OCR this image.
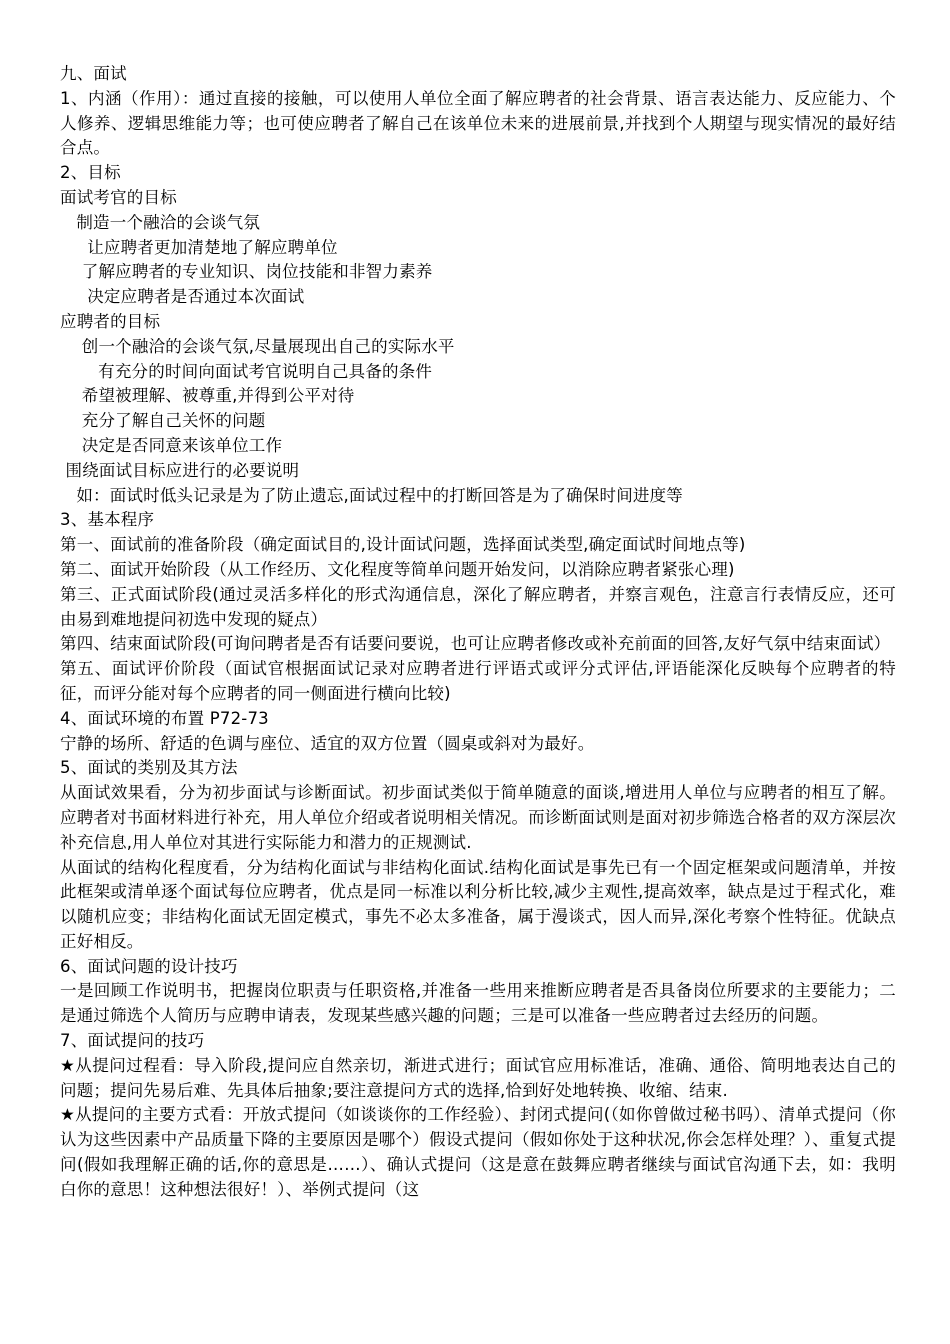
九、面试

1、内涵（作用）：通过直接的接触，可以使用人单位全面了解应聘者的社会背景、语言表达能力、反应能力、个人修养、逻辑思维能力等；也可使应聘者了解自己在该单位未来的进展前景,并找到个人期望与现实情况的最好结合点。

2、目标

面试考官的目标

制造一个融洽的会谈气氛

让应聘者更加清楚地了解应聘单位

了解应聘者的专业知识、岗位技能和非智力素养

决定应聘者是否通过本次面试

应聘者的目标

创一个融洽的会谈气氛,尽量展现出自己的实际水平

有充分的时间向面试考官说明自己具备的条件

希望被理解、被尊重,并得到公平对待

充分了解自己关怀的问题

决定是否同意来该单位工作

围绕面试目标应进行的必要说明

如：面试时低头记录是为了防止遗忘,面试过程中的打断回答是为了确保时间进度等

3、基本程序

第一、面试前的准备阶段（确定面试目的,设计面试问题，选择面试类型,确定面试时间地点等)

第二、面试开始阶段（从工作经历、文化程度等简单问题开始发问，以消除应聘者紧张心理)

第三、正式面试阶段(通过灵活多样化的形式沟通信息，深化了解应聘者，并察言观色，注意言行表情反应，还可由易到难地提问初选中发现的疑点）

第四、结束面试阶段(可询问聘者是否有话要问要说，也可让应聘者修改或补充前面的回答,友好气氛中结束面试）

第五、面试评价阶段（面试官根据面试记录对应聘者进行评语式或评分式评估,评语能深化反映每个应聘者的特征，而评分能对每个应聘者的同一侧面进行横向比较)

4、面试环境的布置 P72-73

宁静的场所、舒适的色调与座位、适宜的双方位置（圆桌或斜对为最好。

5、面试的类别及其方法

从面试效果看，分为初步面试与诊断面试。初步面试类似于简单随意的面谈,增进用人单位与应聘者的相互了解。应聘者对书面材料进行补充，用人单位介绍或者说明相关情况。而诊断面试则是面对初步筛选合格者的双方深层次补充信息,用人单位对其进行实际能力和潜力的正规测试.

从面试的结构化程度看，分为结构化面试与非结构化面试.结构化面试是事先已有一个固定框架或问题清单，并按此框架或清单逐个面试每位应聘者，优点是同一标准以利分析比较,减少主观性,提高效率，缺点是过于程式化，难以随机应变；非结构化面试无固定模式，事先不必太多准备，属于漫谈式，因人而异,深化考察个性特征。优缺点正好相反。

6、面试问题的设计技巧

一是回顾工作说明书，把握岗位职责与任职资格,并准备一些用来推断应聘者是否具备岗位所要求的主要能力；二是通过筛选个人简历与应聘申请表，发现某些感兴趣的问题；三是可以准备一些应聘者过去经历的问题。

7、面试提问的技巧

★从提问过程看：导入阶段,提问应自然亲切，渐进式进行；面试官应用标准话，准确、通俗、简明地表达自己的问题；提问先易后难、先具体后抽象;要注意提问方式的选择,恰到好处地转换、收缩、结束.

★从提问的主要方式看：开放式提问（如谈谈你的工作经验）、封闭式提问(（如你曾做过秘书吗）、清单式提问（你认为这些因素中产品质量下降的主要原因是哪个）假设式提问（假如你处于这种状况,你会怎样处理？）、重复式提问(假如我理解正确的话,你的意思是……）、确认式提问（这是意在鼓舞应聘者继续与面试官沟通下去，如：我明白你的意思！这种想法很好！）、举例式提问（这
